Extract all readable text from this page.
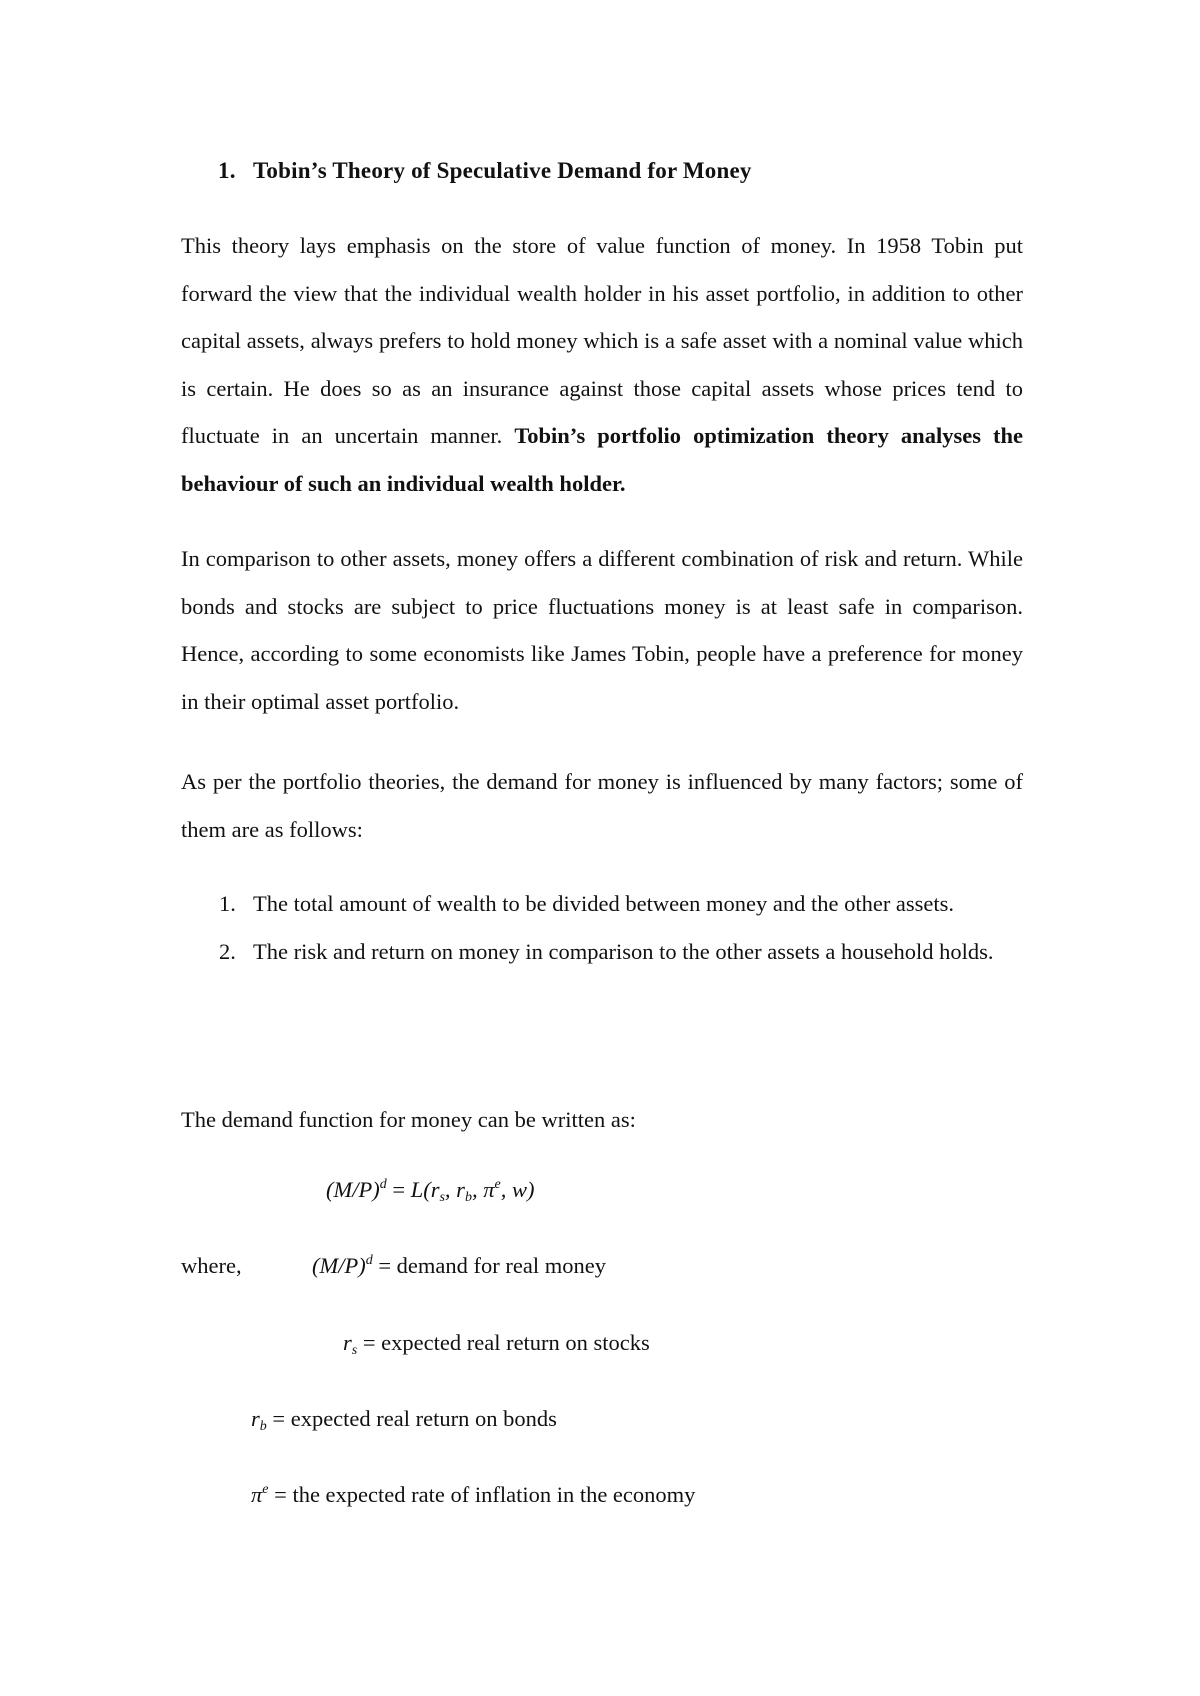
1. Tobin’s Theory of Speculative Demand for Money
This theory lays emphasis on the store of value function of money. In 1958 Tobin put forward the view that the individual wealth holder in his asset portfolio, in addition to other capital assets, always prefers to hold money which is a safe asset with a nominal value which is certain. He does so as an insurance against those capital assets whose prices tend to fluctuate in an uncertain manner. Tobin’s portfolio optimization theory analyses the behaviour of such an individual wealth holder.
In comparison to other assets, money offers a different combination of risk and return. While bonds and stocks are subject to price fluctuations money is at least safe in comparison. Hence, according to some economists like James Tobin, people have a preference for money in their optimal asset portfolio.
As per the portfolio theories, the demand for money is influenced by many factors; some of them are as follows:
1. The total amount of wealth to be divided between money and the other assets.
2. The risk and return on money in comparison to the other assets a household holds.
The demand function for money can be written as:
$(M/P)^d = L(r_s$, $r_b$, $\pi^e$, w)
where,	$(M/P)^d$ = demand for real money
$r_s$ = expected real return on stocks
$r_b$ = expected real return on bonds
$\pi^e$ = the expected rate of inflation in the economy
